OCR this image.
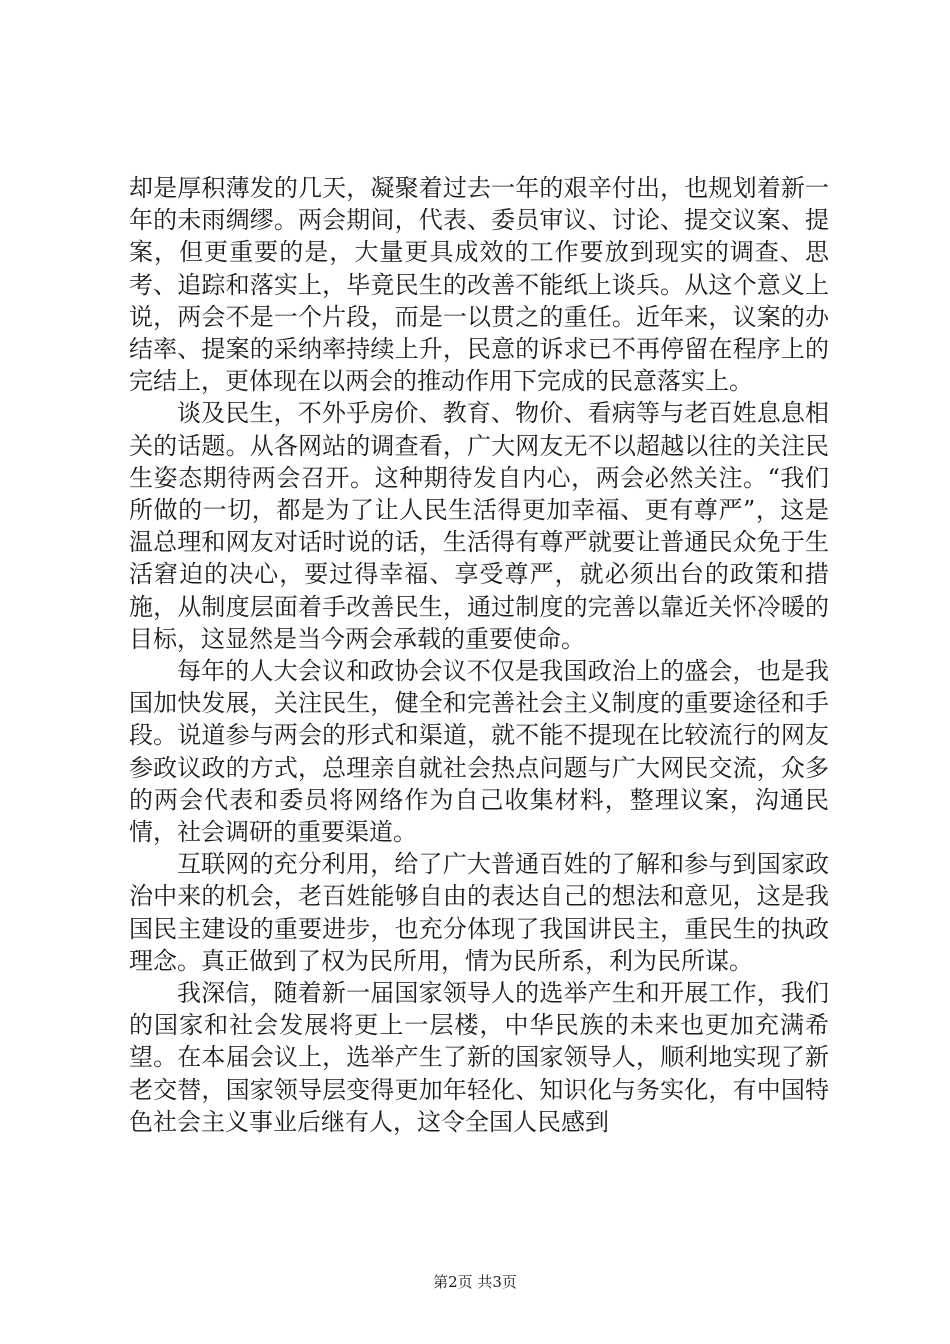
却是厚积薄发的几天，凝聚着过去一年的艰辛付出，也规划着新一年的未雨绸缪。两会期间，代表、委员审议、讨论、提交议案、提案，但更重要的是，大量更具成效的工作要放到现实的调查、思考、追踪和落实上，毕竟民生的改善不能纸上谈兵。从这个意义上说，两会不是一个片段，而是一以贯之的重任。近年来，议案的办结率、提案的采纳率持续上升，民意的诉求已不再停留在程序上的完结上，更体现在以两会的推动作用下完成的民意落实上。

谈及民生，不外乎房价、教育、物价、看病等与老百姓息息相关的话题。从各网站的调查看，广大网友无不以超越以往的关注民生姿态期待两会召开。这种期待发自内心，两会必然关注。“我们所做的一切，都是为了让人民生活得更加幸福、更有尊严”，这是温总理和网友对话时说的话，生活得有尊严就要让普通民众免于生活窘迫的决心，要过得幸福、享受尊严，就必须出台的政策和措施，从制度层面着手改善民生，通过制度的完善以靠近关怀冷暖的目标，这显然是当今两会承载的重要使命。

每年的人大会议和政协会议不仅是我国政治上的盛会，也是我国加快发展，关注民生，健全和完善社会主义制度的重要途径和手段。说道参与两会的形式和渠道，就不能不提现在比较流行的网友参政议政的方式，总理亲自就社会热点问题与广大网民交流，众多的两会代表和委员将网络作为自己收集材料，整理议案，沟通民情，社会调研的重要渠道。

互联网的充分利用，给了广大普通百姓的了解和参与到国家政治中来的机会，老百姓能够自由的表达自己的想法和意见，这是我国民主建设的重要进步，也充分体现了我国讲民主，重民生的执政理念。真正做到了权为民所用，情为民所系，利为民所谋。

我深信，随着新一届国家领导人的选举产生和开展工作，我们的国家和社会发展将更上一层楼，中华民族的未来也更加充满希望。在本届会议上，选举产生了新的国家领导人，顺利地实现了新老交替，国家领导层变得更加年轻化、知识化与务实化，有中国特色社会主义事业后继有人，这令全国人民感到

第2页 共3页
